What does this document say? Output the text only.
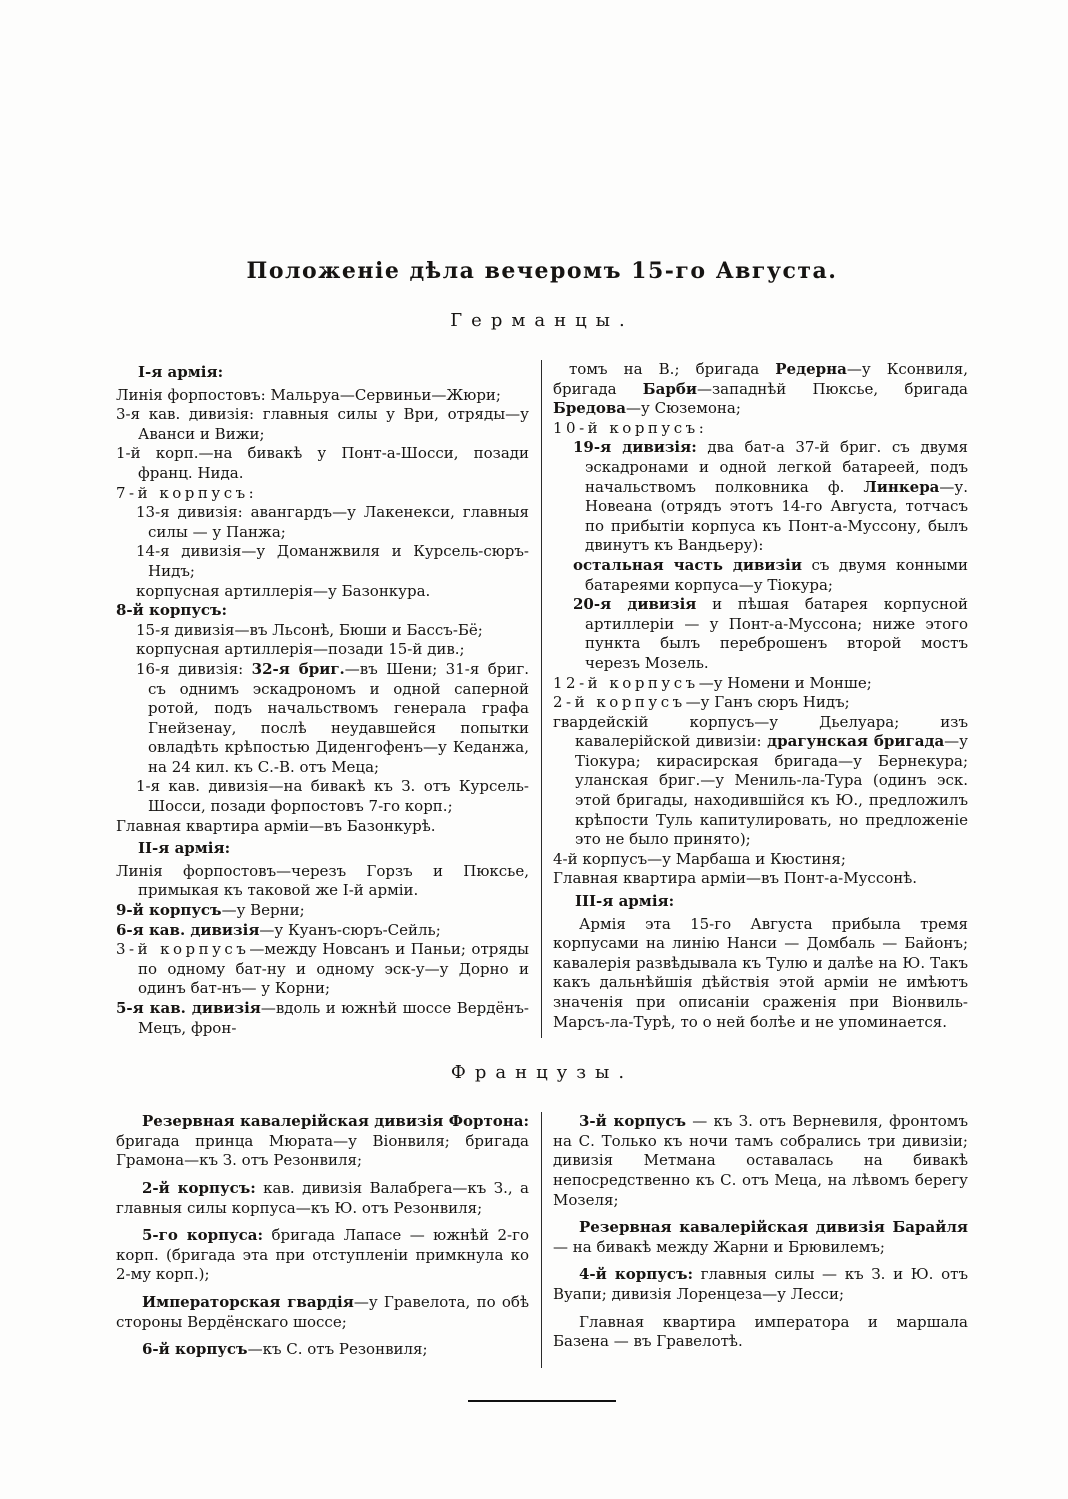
Положеніе дѣла вечеромъ 15-го Августа.
Германцы.

І-я армія:

Линія форпостовъ: Мальруа—Сервиньи—Жюри;

3-я кав. дивизія: главныя силы у Ври, отряды—у Аванси и Вижи;

1-й корп.—на бивакѣ у Понт-а-Шосси, позади франц. Нида.

7-й корпусъ:

13-я дивизія: авангардъ—у Лакенекси, главныя силы — у Панжа;

14-я дивизія—у Доманжвиля и Курсель-сюръ-Нидъ;

корпусная артиллерія—у Базонкура.

8-й корпусъ:

15-я дивизія—въ Льсонѣ, Бюши и Бассъ-Бё;

корпусная артиллерія—позади 15-й див.;

16-я дивизія: 32-я бриг.—въ Шени; 31-я бриг. съ однимъ эскадрономъ и одной саперной ротой, подъ начальствомъ генерала графа Гнейзенау, послѣ неудавшейся попытки овладѣть крѣпостью Диденгофенъ—у Кеданжа, на 24 кил. къ С.-В. отъ Меца;

1-я кав. дивизія—на бивакѣ къ З. отъ Курсель-Шосси, позади форпостовъ 7-го корп.;

Главная квартира арміи—въ Базонкурѣ.

II-я армія:

Линія форпостовъ—черезъ Горзъ и Пюксье, примыкая къ таковой же І-й арміи.

9-й корпусъ—у Верни;

6-я кав. дивизія—у Куанъ-сюръ-Сейль;

3-й корпусъ—между Новсанъ и Паньи; отряды по одному бат-ну и одному эск-у—у Дорно и одинъ бат-нъ— у Корни;

5-я кав. дивизія—вдоль и южнѣй шоссе Вердёнъ-Мецъ, фрон-

томъ на В.; бригада Редерна—у Ксонвиля, бригада Барби—западнѣй Пюксье, бригада Бредова—у Сюземона;

10-й корпусъ:

19-я дивизія: два бат-а 37-й бриг. съ двумя эскадронами и одной легкой батареей, подъ начальствомъ полковника ф. Линкера—у. Новеана (отрядъ этотъ 14-го Августа, тотчасъ по прибытіи корпуса къ Понт-а-Муссону, былъ двинутъ къ Вандьеру):

остальная часть дивизіи съ двумя конными батареями корпуса—у Тіокура;

20-я дивизія и пѣшая батарея корпусной артиллеріи — у Понт-а-Муссона; ниже этого пункта былъ переброшенъ второй мостъ черезъ Мозель.

12-й корпусъ—у Номени и Монше;

2-й корпусъ—у Ганъ сюръ Нидъ;

гвардейскій корпусъ—у Дьелуара; изъ кавалерійской дивизіи: драгунская бригада—у Тіокура; кирасирская бригада—у Бернекура; уланская бриг.—у Мениль-ла-Тура (одинъ эск. этой бригады, находившійся къ Ю., предложилъ крѣпости Туль капитулировать, но предложеніе это не было принято);

4-й корпусъ—у Марбаша и Кюстиня;

Главная квартира арміи—въ Понт-а-Муссонѣ.

III-я армія:

Армія эта 15-го Августа прибыла тремя корпусами на линію Нанси — Домбаль — Байонъ; кавалерія развѣдывала къ Тулю и далѣе на Ю. Такъ какъ дальнѣйшія дѣйствія этой арміи не имѣютъ значенія при описаніи сраженія при Віонвиль-Марсъ-ла-Турѣ, то о ней болѣе и не упоминается.

Французы.

Резервная кавалерійская дивизія Фортона: бригада принца Мюрата—у Віонвиля; бригада Грамона—къ З. отъ Резонвиля;

2-й корпусъ: кав. дивизія Валабрега—къ З., а главныя силы корпуса—къ Ю. отъ Резонвиля;

5-го корпуса: бригада Лапасе — южнѣй 2-го корп. (бригада эта при отступленіи примкнула ко 2-му корп.);

Императорская гвардія—у Гравелота, по обѣ стороны Вердёнскаго шоссе;

6-й корпусъ—къ С. отъ Резонвиля;

3-й корпусъ — къ З. отъ Верневиля, фронтомъ на С. Только къ ночи тамъ собрались три дивизіи; дивизія Метмана оставалась на бивакѣ непосредственно къ С. отъ Меца, на лѣвомъ берегу Мозеля;

Резервная кавалерійская дивизія Барайля — на бивакѣ между Жарни и Брювилемъ;

4-й корпусъ: главныя силы — къ З. и Ю. отъ Вуапи; дивизія Лоренцеза—у Лесси;

Главная квартира императора и маршала Базена — въ Гравелотѣ.
